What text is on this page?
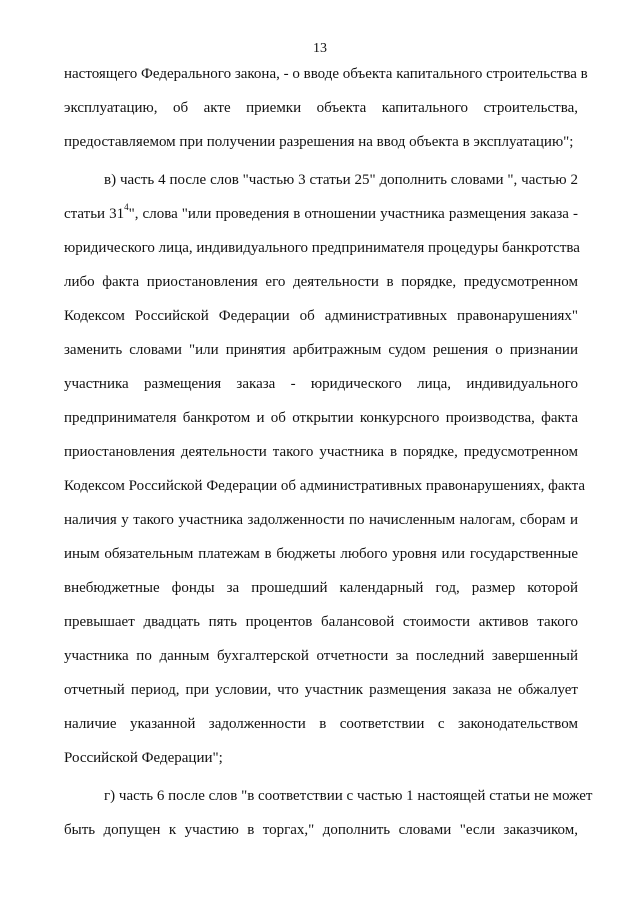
13
настоящего Федерального закона, - о вводе объекта капитального строительства в
эксплуатацию, об акте приемки объекта капитального строительства,
предоставляемом при получении разрешения на ввод объекта в эксплуатацию";
в) часть 4 после слов "частью 3 статьи 25" дополнить словами ", частью 2
статьи $31^4$", слова "или проведения в отношении участника размещения заказа -
юридического лица, индивидуального предпринимателя процедуры банкротства
либо факта приостановления его деятельности в порядке, предусмотренном
Кодексом Российской Федерации об административных правонарушениях"
заменить словами "или принятия арбитражным судом решения о признании
участника размещения заказа - юридического лица, индивидуального
предпринимателя банкротом и об открытии конкурсного производства, факта
приостановления деятельности такого участника в порядке, предусмотренном
Кодексом Российской Федерации об административных правонарушениях, факта
наличия у такого участника задолженности по начисленным налогам, сборам и
иным обязательным платежам в бюджеты любого уровня или государственные
внебюджетные фонды за прошедший календарный год, размер которой
превышает двадцать пять процентов балансовой стоимости активов такого
участника по данным бухгалтерской отчетности за последний завершенный
отчетный период, при условии, что участник размещения заказа не обжалует
наличие указанной задолженности в соответствии с законодательством
Российской Федерации";
г) часть 6 после слов "в соответствии с частью 1 настоящей статьи не может
быть допущен к участию в торгах," дополнить словами "если заказчиком,
